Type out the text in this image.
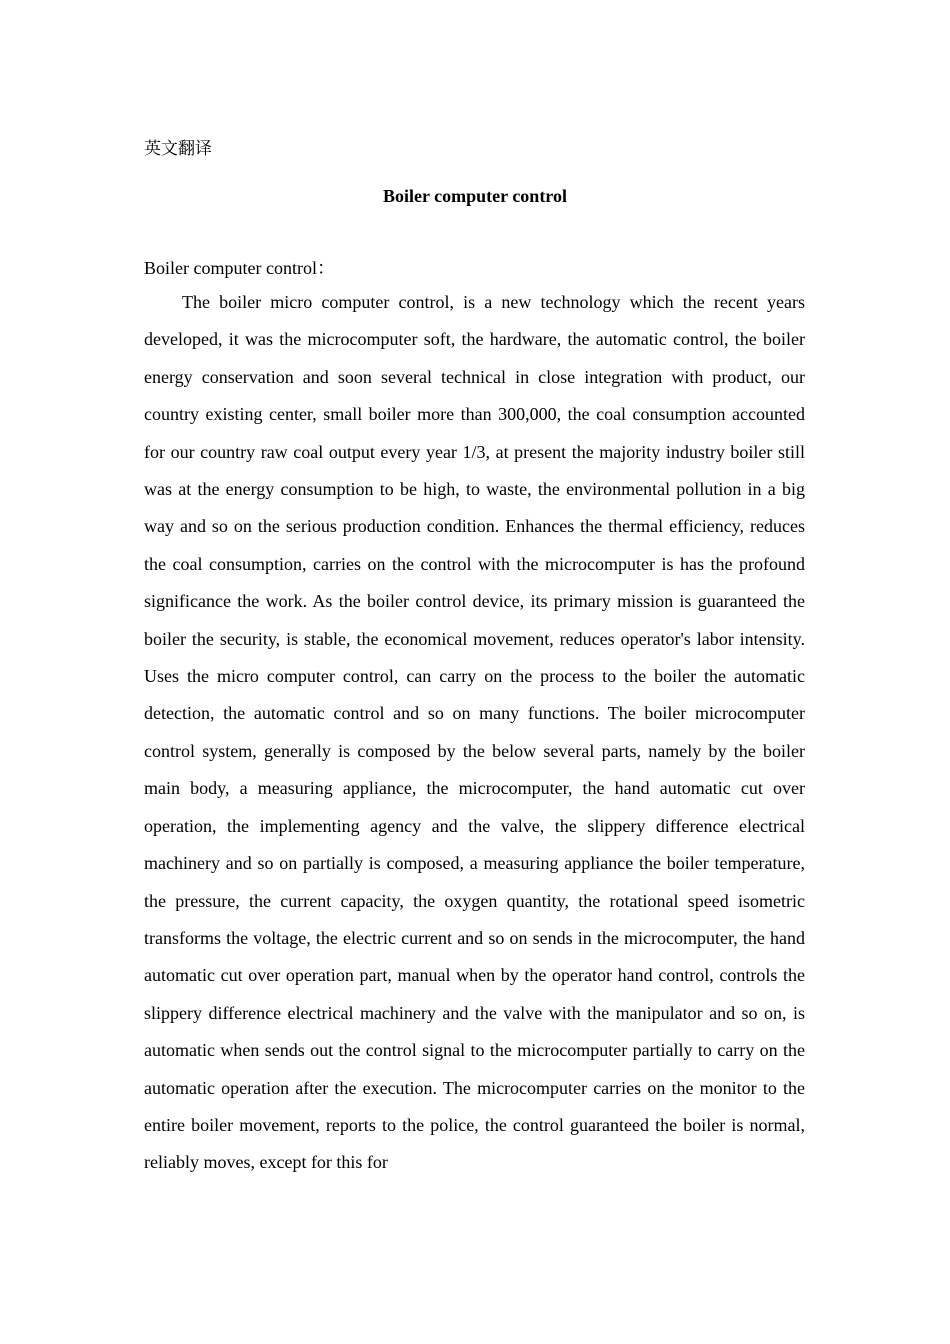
英文翻译

Boiler computer control

Boiler computer control：

The boiler micro computer control, is a new technology which the recent years developed, it was the microcomputer soft, the hardware, the automatic control, the boiler energy conservation and soon several technical in close integration with product, our country existing center, small boiler more than 300,000, the coal consumption accounted for our country raw coal output every year 1/3, at present the majority industry boiler still was at the energy consumption to be high, to waste, the environmental pollution in a big way and so on the serious production condition. Enhances the thermal efficiency, reduces the coal consumption, carries on the control with the microcomputer is has the profound significance the work. As the boiler control device, its primary mission is guaranteed the boiler the security, is stable, the economical movement, reduces operator's labor intensity. Uses the micro computer control, can carry on the process to the boiler the automatic detection, the automatic control and so on many functions. The boiler microcomputer control system, generally is composed by the below several parts, namely by the boiler main body, a measuring appliance, the microcomputer, the hand automatic cut over operation, the implementing agency and the valve, the slippery difference electrical machinery and so on partially is composed, a measuring appliance the boiler temperature, the pressure, the current capacity, the oxygen quantity, the rotational speed isometric transforms the voltage, the electric current and so on sends in the microcomputer, the hand automatic cut over operation part, manual when by the operator hand control, controls the slippery difference electrical machinery and the valve with the manipulator and so on, is automatic when sends out the control signal to the microcomputer partially to carry on the automatic operation after the execution. The microcomputer carries on the monitor to the entire boiler movement, reports to the police, the control guaranteed the boiler is normal, reliably moves, except for this for
